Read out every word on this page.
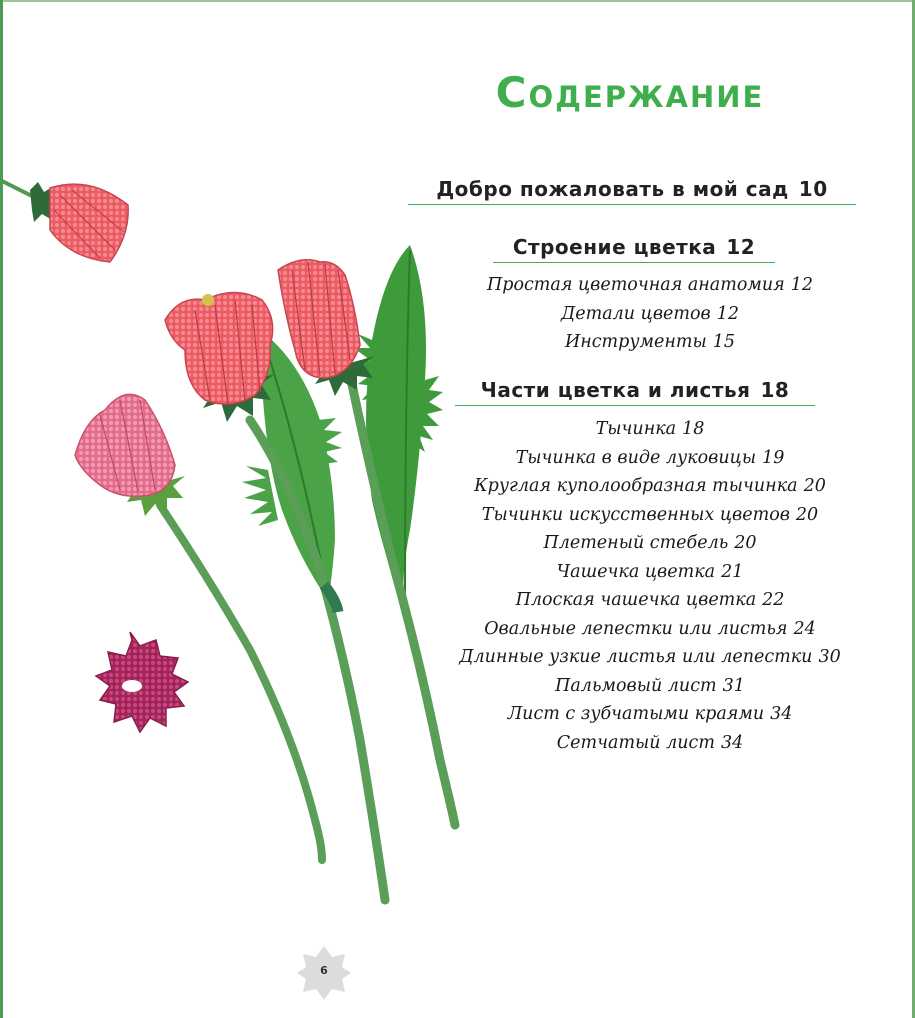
Содержание
Добро пожаловать в мой сад 10
Строение цветка 12
Простая цветочная анатомия 12
Детали цветов 12
Инструменты 15
Части цветка и листья 18
Тычинка 18
Тычинка в виде луковицы 19
Круглая куполообразная тычинка 20
Тычинки искусственных цветов 20
Плетеный стебель 20
Чашечка цветка 21
Плоская чашечка цветка 22
Овальные лепестки или листья 24
Длинные узкие листья или лепестки 30
Пальмовый лист 31
Лист с зубчатыми краями 34
Сетчатый лист 34
6
